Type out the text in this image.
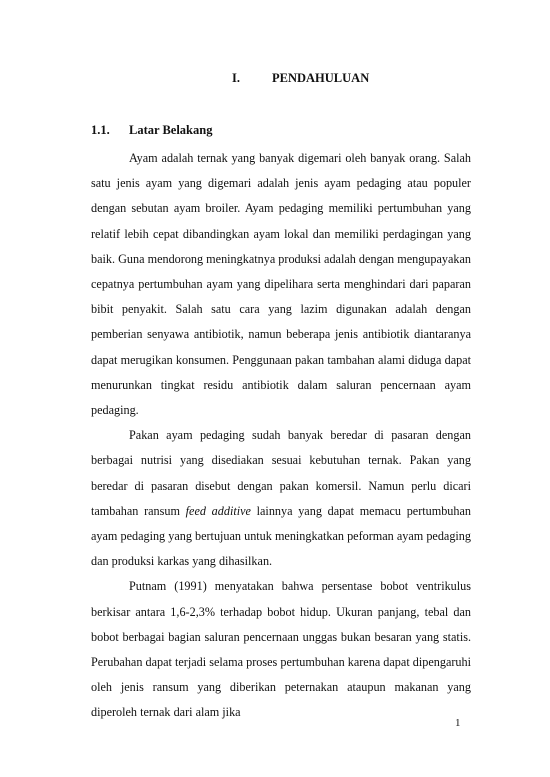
I.	PENDAHULUAN
1.1. Latar Belakang

Ayam adalah ternak yang banyak digemari oleh banyak orang. Salah satu jenis ayam yang digemari adalah jenis ayam pedaging atau populer dengan sebutan ayam broiler. Ayam pedaging memiliki pertumbuhan yang relatif lebih cepat dibandingkan ayam lokal dan memiliki perdagingan yang baik. Guna mendorong meningkatnya produksi adalah dengan mengupayakan cepatnya pertumbuhan ayam yang dipelihara serta menghindari dari paparan bibit penyakit. Salah satu cara yang lazim digunakan adalah dengan pemberian senyawa antibiotik, namun beberapa jenis antibiotik diantaranya dapat merugikan konsumen. Penggunaan pakan tambahan alami diduga dapat menurunkan tingkat residu antibiotik dalam saluran pencernaan ayam pedaging.

Pakan ayam pedaging sudah banyak beredar di pasaran dengan berbagai nutrisi yang disediakan sesuai kebutuhan ternak. Pakan yang beredar di pasaran disebut dengan pakan komersil. Namun perlu dicari tambahan ransum feed additive lainnya yang dapat memacu pertumbuhan ayam pedaging yang bertujuan untuk meningkatkan peforman ayam pedaging dan produksi karkas yang dihasilkan.

Putnam (1991) menyatakan bahwa persentase bobot ventrikulus berkisar antara 1,6-2,3% terhadap bobot hidup. Ukuran panjang, tebal dan bobot berbagai bagian saluran pencernaan unggas bukan besaran yang statis. Perubahan dapat terjadi selama proses pertumbuhan karena dapat dipengaruhi oleh jenis ransum yang diberikan peternakan ataupun makanan yang diperoleh ternak dari alam jika

1
